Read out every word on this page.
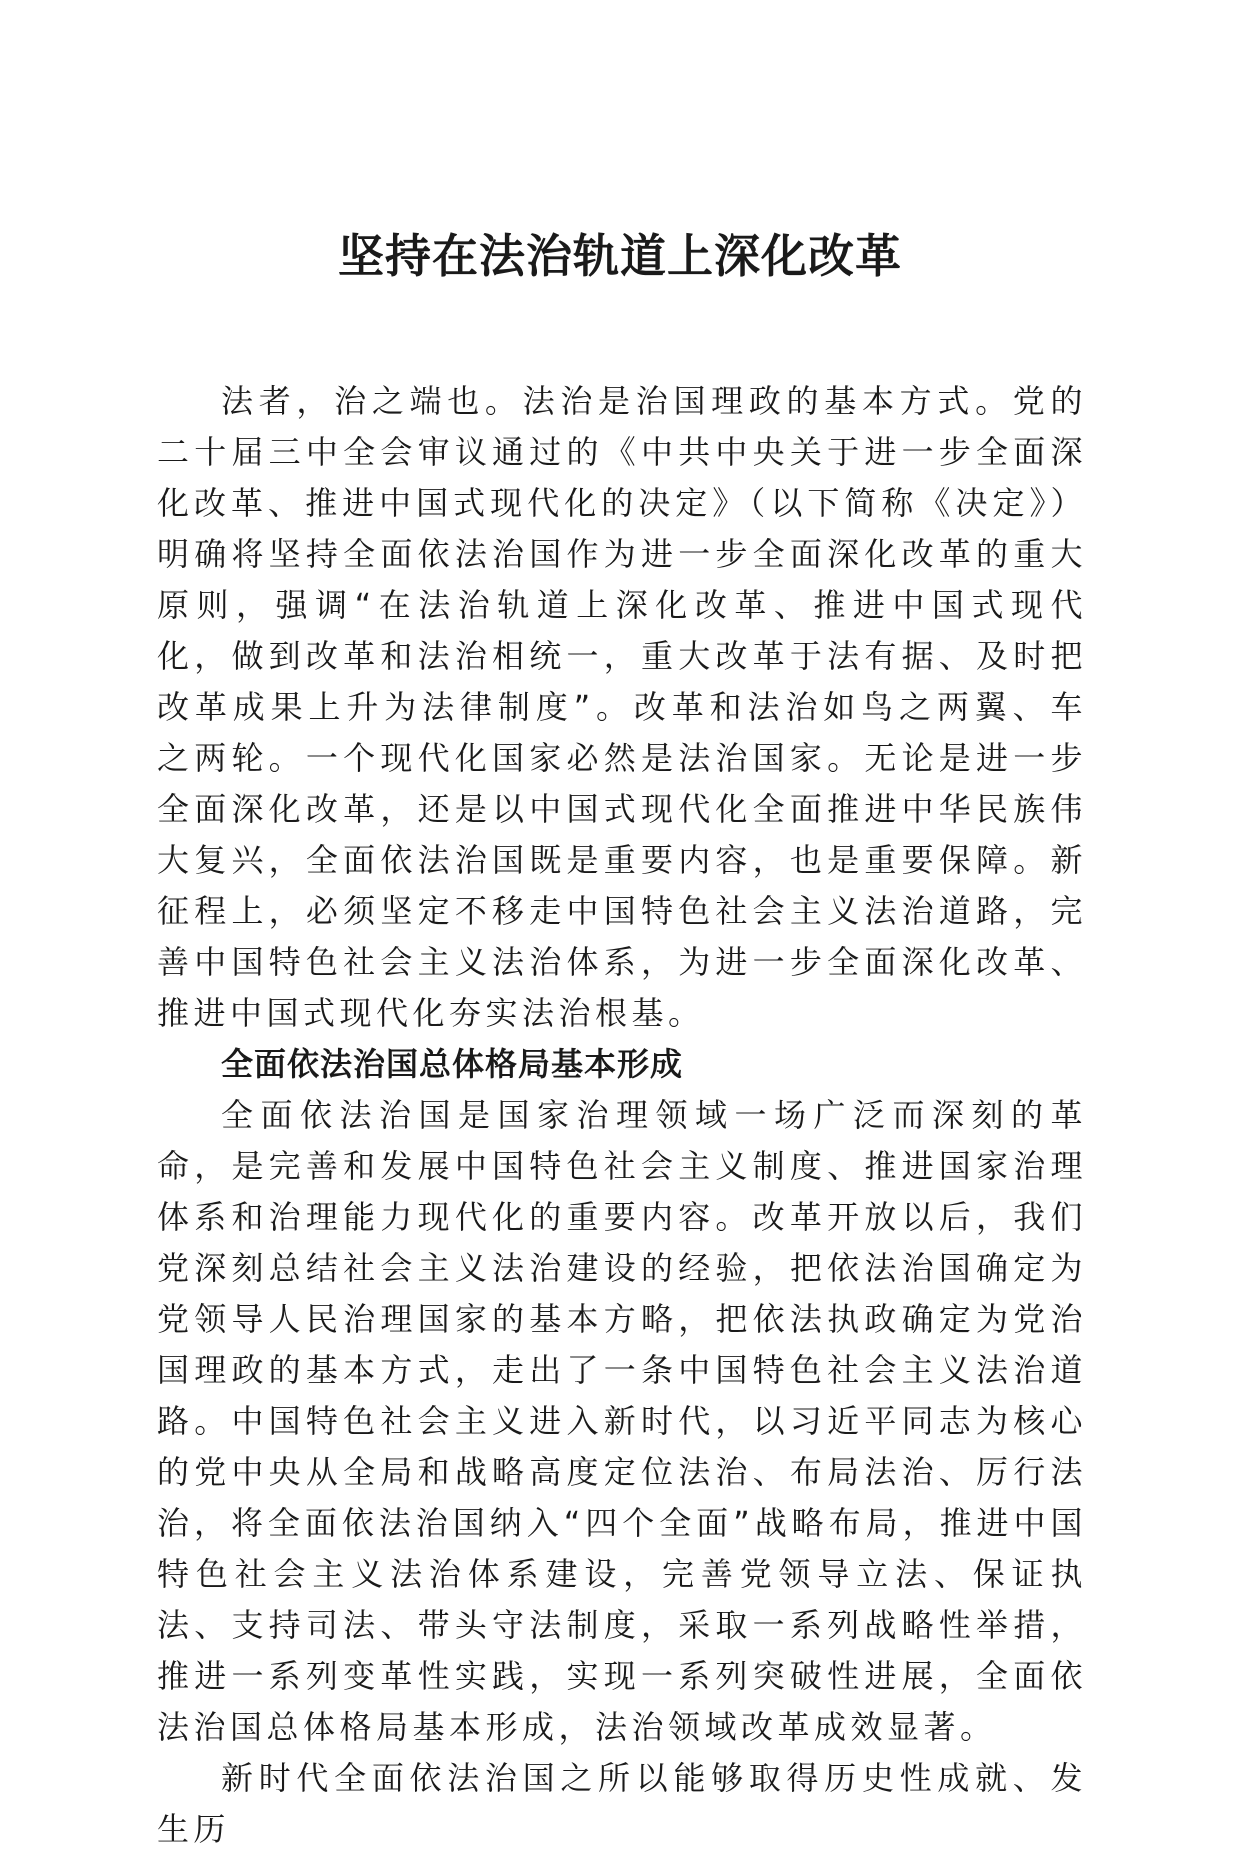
坚持在法治轨道上深化改革

法者，治之端也。法治是治国理政的基本方式。党的二十届三中全会审议通过的《中共中央关于进一步全面深化改革、推进中国式现代化的决定》（以下简称《决定》）明确将坚持全面依法治国作为进一步全面深化改革的重大原则，强调“在法治轨道上深化改革、推进中国式现代化，做到改革和法治相统一，重大改革于法有据、及时把改革成果上升为法律制度”。改革和法治如鸟之两翼、车之两轮。一个现代化国家必然是法治国家。无论是进一步全面深化改革，还是以中国式现代化全面推进中华民族伟大复兴，全面依法治国既是重要内容，也是重要保障。新征程上，必须坚定不移走中国特色社会主义法治道路，完善中国特色社会主义法治体系，为进一步全面深化改革、推进中国式现代化夯实法治根基。

全面依法治国总体格局基本形成

全面依法治国是国家治理领域一场广泛而深刻的革命，是完善和发展中国特色社会主义制度、推进国家治理体系和治理能力现代化的重要内容。改革开放以后，我们党深刻总结社会主义法治建设的经验，把依法治国确定为党领导人民治理国家的基本方略，把依法执政确定为党治国理政的基本方式，走出了一条中国特色社会主义法治道路。中国特色社会主义进入新时代，以习近平同志为核心的党中央从全局和战略高度定位法治、布局法治、厉行法治，将全面依法治国纳入“四个全面”战略布局，推进中国特色社会主义法治体系建设，完善党领导立法、保证执法、支持司法、带头守法制度，采取一系列战略性举措，推进一系列变革性实践，实现一系列突破性进展，全面依法治国总体格局基本形成，法治领域改革成效显著。

新时代全面依法治国之所以能够取得历史性成就、发生历
